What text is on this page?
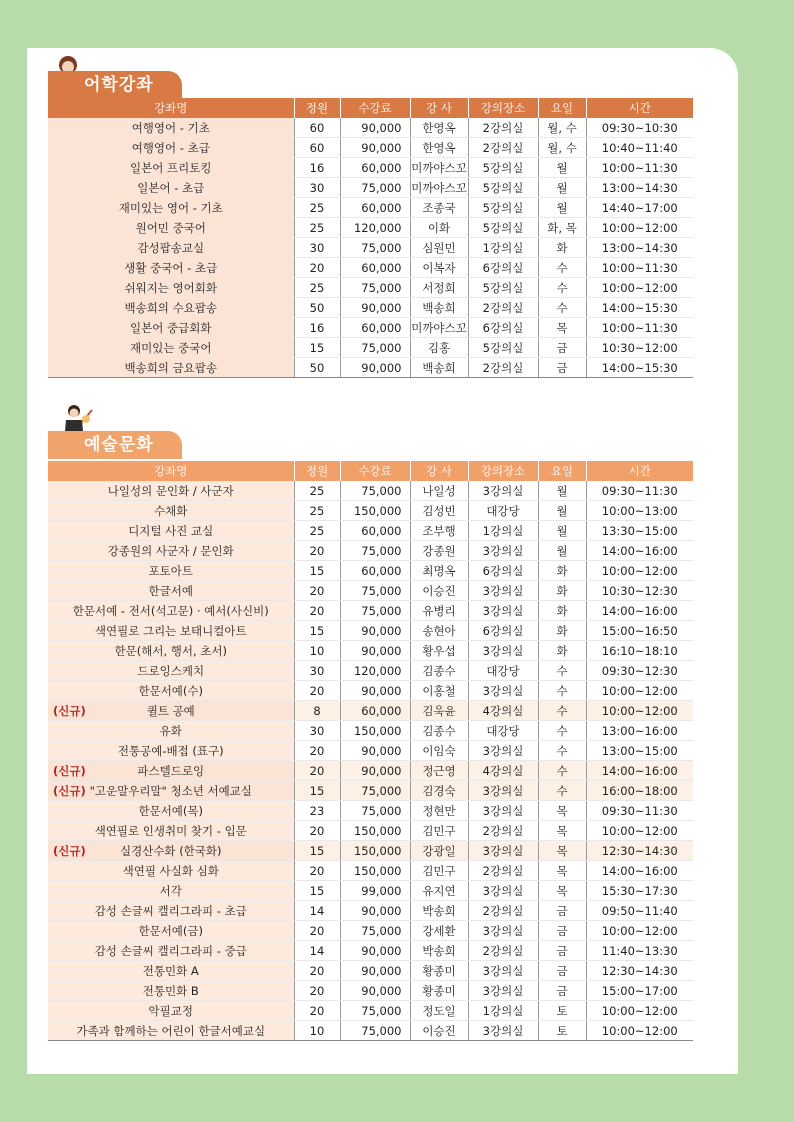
어학강좌
강좌명	정원	수강료	강 사	강의장소	요일	시간
여행영어 - 기초	60	90,000	한영옥	2강의실	월, 수	09:30~10:30
여행영어 - 초급	60	90,000	한영옥	2강의실	월, 수	10:40~11:40
일본어 프리토킹	16	60,000	미까야스꼬	5강의실	월	10:00~11:30
일본어 - 초급	30	75,000	미까야스꼬	5강의실	월	13:00~14:30
재미있는 영어 - 기초	25	60,000	조종국	5강의실	월	14:40~17:00
원어민 중국어	25	120,000	이화	5강의실	화, 목	10:00~12:00
감성팝송교실	30	75,000	심원민	1강의실	화	13:00~14:30
생활 중국어 - 초급	20	60,000	이복자	6강의실	수	10:00~11:30
쉬워지는 영어회화	25	75,000	서정희	5강의실	수	10:00~12:00
백송희의 수요팝송	50	90,000	백송희	2강의실	수	14:00~15:30
일본어 중급회화	16	60,000	미까야스꼬	6강의실	목	10:00~11:30
재미있는 중국어	15	75,000	김홍	5강의실	금	10:30~12:00
백송희의 금요팝송	50	90,000	백송희	2강의실	금	14:00~15:30
예술문화
강좌명	정원	수강료	강 사	강의장소	요일	시간
나일성의 문인화 / 사군자	25	75,000	나일성	3강의실	월	09:30~11:30
수채화	25	150,000	김성빈	대강당	월	10:00~13:00
디지털 사진 교실	25	60,000	조부행	1강의실	월	13:30~15:00
강종원의 사군자 / 문인화	20	75,000	강종원	3강의실	월	14:00~16:00
포토아트	15	60,000	최명옥	6강의실	화	10:00~12:00
한글서예	20	75,000	이승진	3강의실	화	10:30~12:30
한문서예 - 전서(석고문) · 예서(사신비)	20	75,000	유병리	3강의실	화	14:00~16:00
색연필로 그리는 보태니컬아트	15	90,000	송현아	6강의실	화	15:00~16:50
한문(해서, 행서, 초서)	10	90,000	황우섭	3강의실	화	16:10~18:10
드로잉스케치	30	120,000	김종수	대강당	수	09:30~12:30
한문서예(수)	20	90,000	이홍철	3강의실	수	10:00~12:00

(신규) 퀼트 공예	8	60,000	김욱윤	4강의실	수	10:00~12:00
유화	30	150,000	김종수	대강당	수	13:00~16:00
전통공예-배접 (표구)	20	90,000	이임숙	3강의실	수	13:00~15:00

(신규) 파스텔드로잉	20	90,000	정근영	4강의실	수	14:00~16:00

(신규) "고운말우리말" 청소년 서예교실	15	75,000	김경숙	3강의실	수	16:00~18:00
한문서예(목)	23	75,000	정현만	3강의실	목	09:30~11:30
색연필로 인생취미 찾기 - 입문	20	150,000	김민구	2강의실	목	10:00~12:00

(신규) 실경산수화 (한국화)	15	150,000	강광일	3강의실	목	12:30~14:30
색연필 사실화 심화	20	150,000	김민구	2강의실	목	14:00~16:00
서각	15	99,000	유지연	3강의실	목	15:30~17:30
감성 손글씨 캘리그라피 - 초급	14	90,000	박송희	2강의실	금	09:50~11:40
한문서예(금)	20	75,000	강세환	3강의실	금	10:00~12:00
감성 손글씨 캘리그라피 - 중급	14	90,000	박송희	2강의실	금	11:40~13:30
전통민화 A	20	90,000	황종미	3강의실	금	12:30~14:30
전통민화 B	20	90,000	황종미	3강의실	금	15:00~17:00
악필교정	20	75,000	정도일	1강의실	토	10:00~12:00
가족과 함께하는 어린이 한글서예교실	10	75,000	이승진	3강의실	토	10:00~12:00
